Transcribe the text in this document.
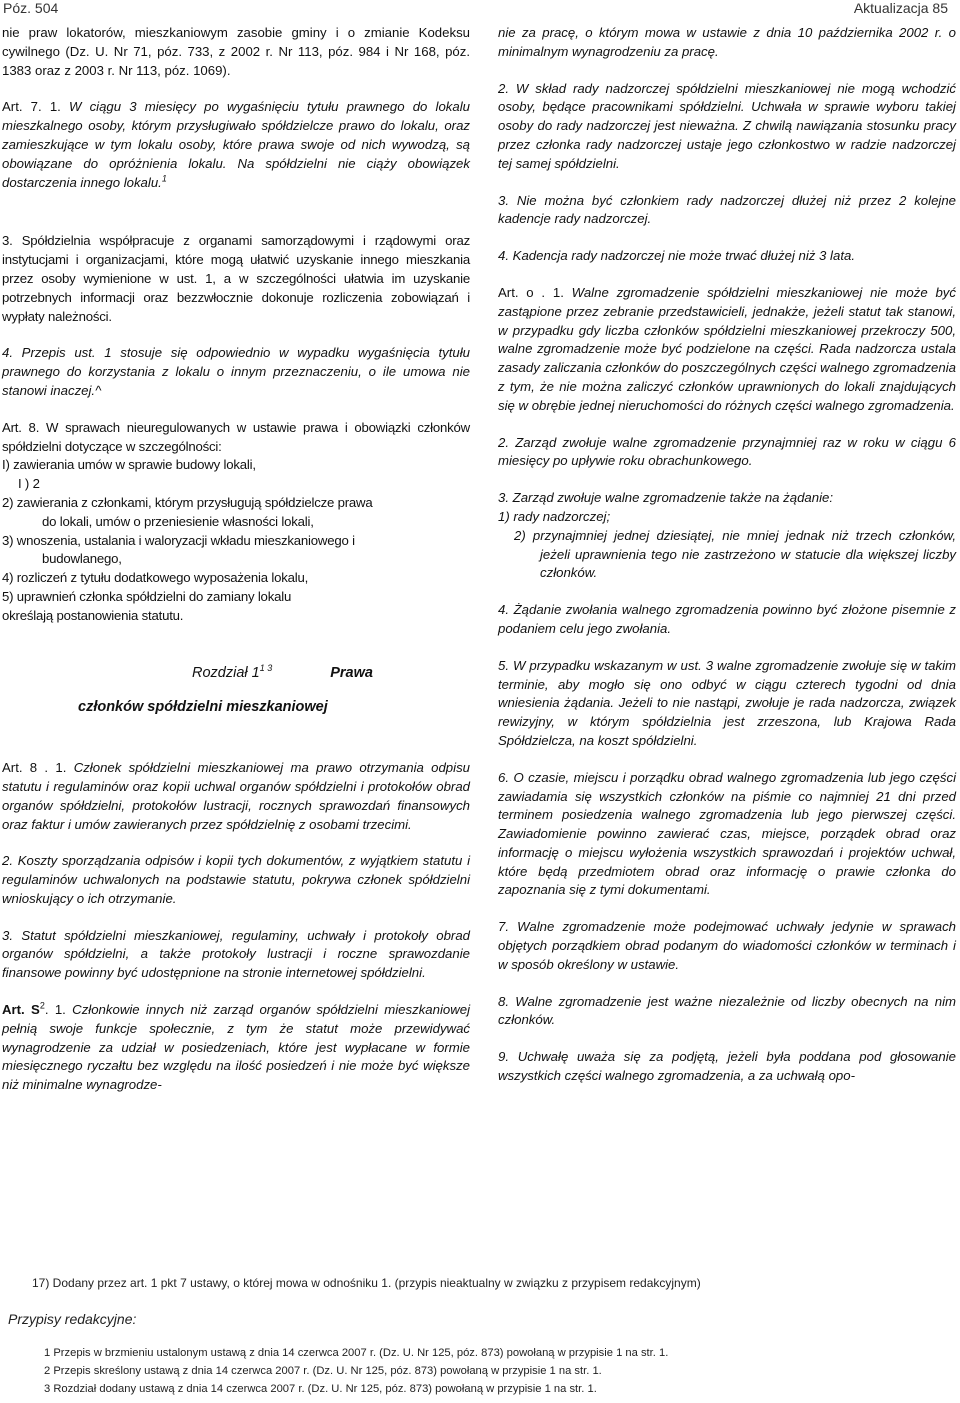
Póz. 504	Aktualizacja 85

nie praw lokatorów, mieszkaniowym zasobie gminy i o zmianie Kodeksu cywilnego (Dz. U. Nr 71, póz. 733, z 2002 r. Nr 113, póz. 984 i Nr 168, póz. 1383 oraz z 2003 r. Nr 113, póz. 1069).

Art. 7. 1. W ciągu 3 miesięcy po wygaśnięciu tytułu prawnego do lokalu mieszkalnego osoby, którym przysługiwało spółdzielcze prawo do lokalu, oraz zamieszkujące w tym lokalu osoby, które prawa swoje od nich wywodzą, są obowiązane do opróżnienia lokalu. Na spółdzielni nie ciąży obowiązek dostarczenia innego lokalu.$^1$

3. Spółdzielnia współpracuje z organami samorządowymi i rządowymi oraz instytucjami i organizacjami, które mogą ułatwić uzyskanie innego mieszkania przez osoby wymienione w ust. 1, a w szczególności ułatwia im uzyskanie potrzebnych informacji oraz bezzwłocznie dokonuje rozliczenia zobowiązań i wypłaty należności.

4. Przepis ust. 1 stosuje się odpowiednio w wypadku wygaśnięcia tytułu prawnego do korzystania z lokalu o innym przeznaczeniu, o ile umowa nie stanowi inaczej.^

Art. 8. W sprawach nieuregulowanych w ustawie prawa i obowiązki członków spółdzielni dotyczące w szczególności:

I) zawierania umów w sprawie budowy lokali,
I ) 2
2) zawierania z członkami, którym przysługują spółdzielcze prawa
do lokali, umów o przeniesienie własności lokali,
3) wnoszenia, ustalania i waloryzacji wkładu mieszkaniowego i
budowlanego,
4) rozliczeń z tytułu dodatkowego wyposażenia lokalu,
5) uprawnień członka spółdzielni do zamiany lokalu
określają postanowienia statutu.
Rozdział $1^{1 3}$	Prawa
członków spółdzielni mieszkaniowej

Art. 8 . 1. Członek spółdzielni mieszkaniowej ma prawo otrzymania odpisu statutu i regulaminów oraz kopii uchwal organów spółdzielni i protokołów obrad organów spółdzielni, protokołów lustracji, rocznych sprawozdań finansowych oraz faktur i umów zawieranych przez spółdzielnię z osobami trzecimi.

2. Koszty sporządzania odpisów i kopii tych dokumentów, z wyjątkiem statutu i regulaminów uchwalonych na podstawie statutu, pokrywa członek spółdzielni wnioskujący o ich otrzymanie.

3. Statut spółdzielni mieszkaniowej, regulaminy, uchwały i protokoły obrad organów spółdzielni, a także protokoły lustracji i roczne sprawozdanie finansowe powinny być udostępnione na stronie internetowej spółdzielni.

Art. $S^2$. 1. Członkowie innych niż zarząd organów spółdzielni mieszkaniowej pełnią swoje funkcje społecznie, z tym że statut może przewidywać wynagrodzenie za udział w posiedzeniach, które jest wypłacane w formie miesięcznego ryczałtu bez względu na ilość posiedzeń i nie może być większe niż minimalne wynagrodze-

nie za pracę, o którym mowa w ustawie z dnia 10 października 2002 r. o minimalnym wynagrodzeniu za pracę.

2. W skład rady nadzorczej spółdzielni mieszkaniowej nie mogą wchodzić osoby, będące pracownikami spółdzielni. Uchwała w sprawie wyboru takiej osoby do rady nadzorczej jest nieważna. Z chwilą nawiązania stosunku pracy przez członka rady nadzorczej ustaje jego członkostwo w radzie nadzorczej tej samej spółdzielni.

3. Nie można być członkiem rady nadzorczej dłużej niż przez 2 kolejne kadencje rady nadzorczej.

4. Kadencja rady nadzorczej nie może trwać dłużej niż 3 lata.

Art. o . 1. Walne zgromadzenie spółdzielni mieszkaniowej nie może być zastąpione przez zebranie przedstawicieli, jednakże, jeżeli statut tak stanowi, w przypadku gdy liczba członków spółdzielni mieszkaniowej przekroczy 500, walne zgromadzenie może być podzielone na części. Rada nadzorcza ustala zasady zaliczania członków do poszczególnych części walnego zgromadzenia z tym, że nie można zaliczyć członków uprawnionych do lokali znajdujących się w obrębie jednej nieruchomości do różnych części walnego zgromadzenia.

2. Zarząd zwołuje walne zgromadzenie przynajmniej raz w roku w ciągu 6 miesięcy po upływie roku obrachunkowego.

3. Zarząd zwołuje walne zgromadzenie także na żądanie:

1) rady nadzorczej;
2) przynajmniej jednej dziesiątej, nie mniej jednak niż trzech członków, jeżeli uprawnienia tego nie zastrzeżono w statucie dla większej liczby członków.

4. Żądanie zwołania walnego zgromadzenia powinno być złożone pisemnie z podaniem celu jego zwołania.

5. W przypadku wskazanym w ust. 3 walne zgromadzenie zwołuje się w takim terminie, aby mogło się ono odbyć w ciągu czterech tygodni od dnia wniesienia żądania. Jeżeli to nie nastąpi, zwołuje je rada nadzorcza, związek rewizyjny, w którym spółdzielnia jest zrzeszona, lub Krajowa Rada Spółdzielcza, na koszt spółdzielni.

6. O czasie, miejscu i porządku obrad walnego zgromadzenia lub jego części zawiadamia się wszystkich członków na piśmie co najmniej 21 dni przed terminem posiedzenia walnego zgromadzenia lub jego pierwszej części. Zawiadomienie powinno zawierać czas, miejsce, porządek obrad oraz informację o miejscu wyłożenia wszystkich sprawozdań i projektów uchwał, które będą przedmiotem obrad oraz informację o prawie członka do zapoznania się z tymi dokumentami.

7. Walne zgromadzenie może podejmować uchwały jedynie w sprawach objętych porządkiem obrad podanym do wiadomości członków w terminach i w sposób określony w ustawie.

8. Walne zgromadzenie jest ważne niezależnie od liczby obecnych na nim członków.

9. Uchwałę uważa się za podjętą, jeżeli była poddana pod głosowanie wszystkich części walnego zgromadzenia, a za uchwałą opo-

17) Dodany przez art. 1 pkt 7 ustawy, o której mowa w odnośniku 1. (przypis nieaktualny w związku z przypisem redakcyjnym)
Przypisy redakcyjne:
1 Przepis w brzmieniu ustalonym ustawą z dnia 14 czerwca 2007 r. (Dz. U. Nr 125, póz. 873) powołaną w przypisie 1 na str. 1.
2 Przepis skreślony ustawą z dnia 14 czerwca 2007 r. (Dz. U. Nr 125, póz. 873) powołaną w przypisie 1 na str. 1.
3 Rozdział dodany ustawą z dnia 14 czerwca 2007 r. (Dz. U. Nr 125, póz. 873) powołaną w przypisie 1 na str. 1.
